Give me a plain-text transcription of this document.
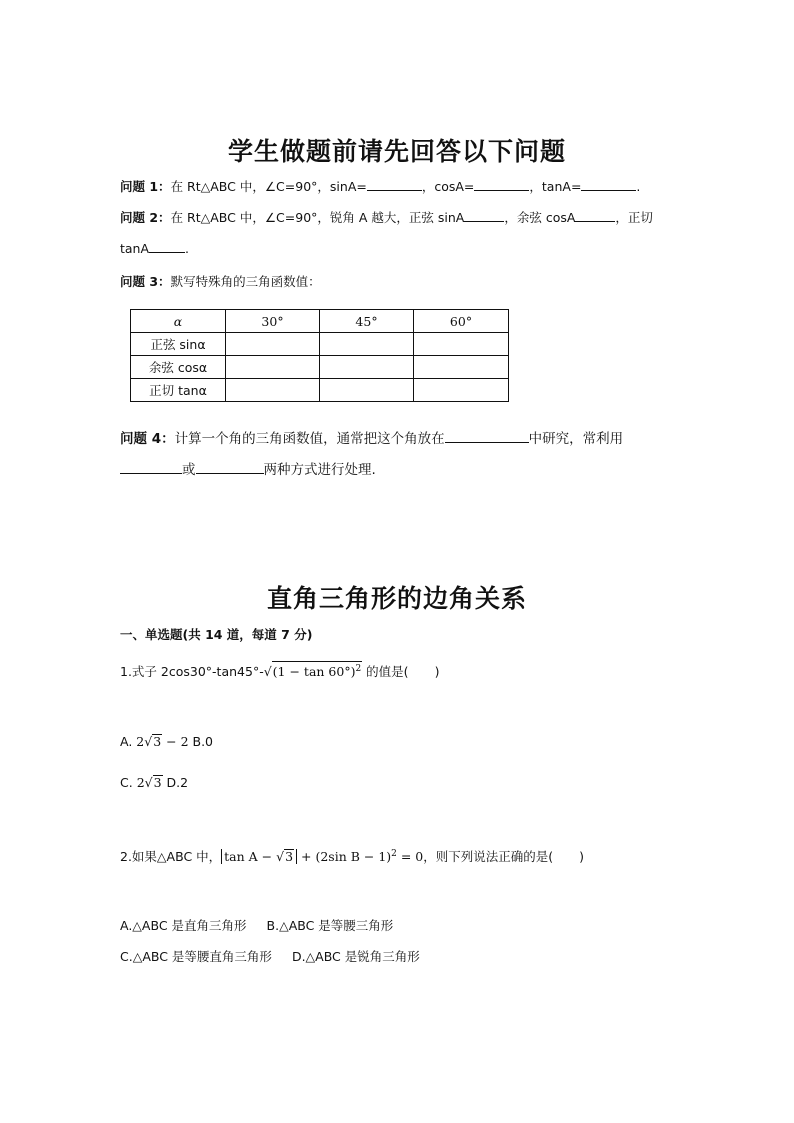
学生做题前请先回答以下问题
问题 1：在 Rt△ABC 中，∠C=90°，sinA=	，cosA=	，tanA=	.
问题 2：在 Rt△ABC 中，∠C=90°，锐角 A 越大，正弦 sinA	，余弦 cosA	，正切
tanA	.
问题 3：默写特殊角的三角函数值：
α	30°	45°	60°
正弦 sinα			
余弦 cosα			
正切 tanα			
问题 4：计算一个角的三角函数值，通常把这个角放在	中研究，常利用
或	两种方式进行处理.
直角三角形的边角关系
一、单选题(共 14 道，每道 7 分)
1.式子 $2\cos 30^\circ-\tan 45^\circ-√(1 - \tan 60^\circ)^2$ 的值是( )
A. 2√3 − 2 B.0
C. 2√3 D.2
2.如果△ABC 中， tan A − √3 + (2sin B − 1)$^2$ = 0，则下列说法正确的是( )
A.△ABC 是直角三角形 B.△ABC 是等腰三角形
C.△ABC 是等腰直角三角形 D.△ABC 是锐角三角形
